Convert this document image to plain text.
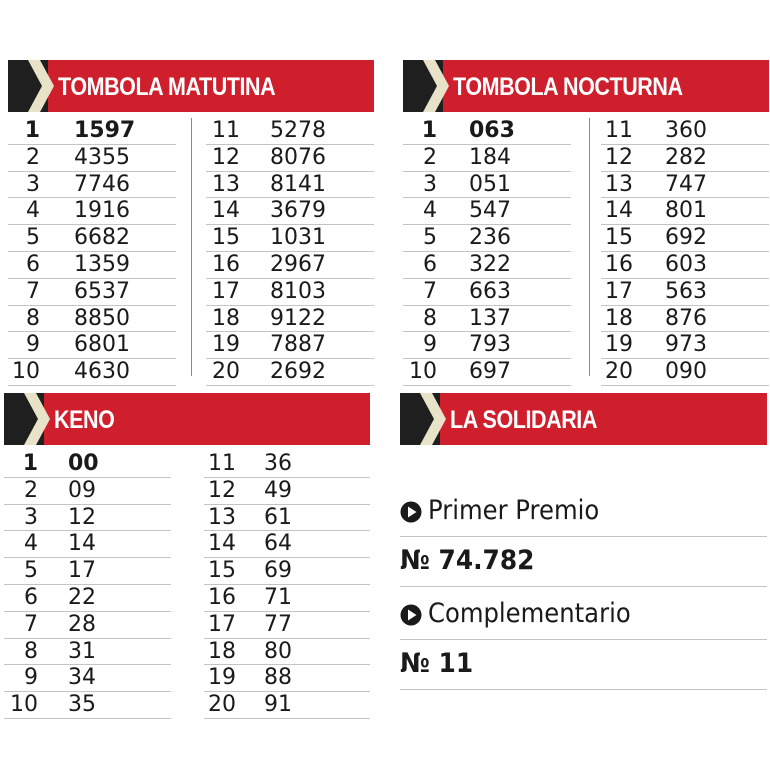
TOMBOLA MATUTINA
1 1597
2 4355
3 7746
4 1916
5 6682
6 1359
7 6537
8 8850
9 6801
10 4630
11 5278
12 8076
13 8141
14 3679
15 1031
16 2967
17 8103
18 9122
19 7887
20 2692
TOMBOLA NOCTURNA
1 063
2 184
3 051
4 547
5 236
6 322
7 663
8 137
9 793
10 697
11 360
12 282
13 747
14 801
15 692
16 603
17 563
18 876
19 973
20 090
KENO
1 00
2 09
3 12
4 14
5 17
6 22
7 28
8 31
9 34
10 35
11 36
12 49
13 61
14 64
15 69
16 71
17 77
18 80
19 88
20 91
LA SOLIDARIA
Primer Premio
№ 74.782
Complementario
№ 11
